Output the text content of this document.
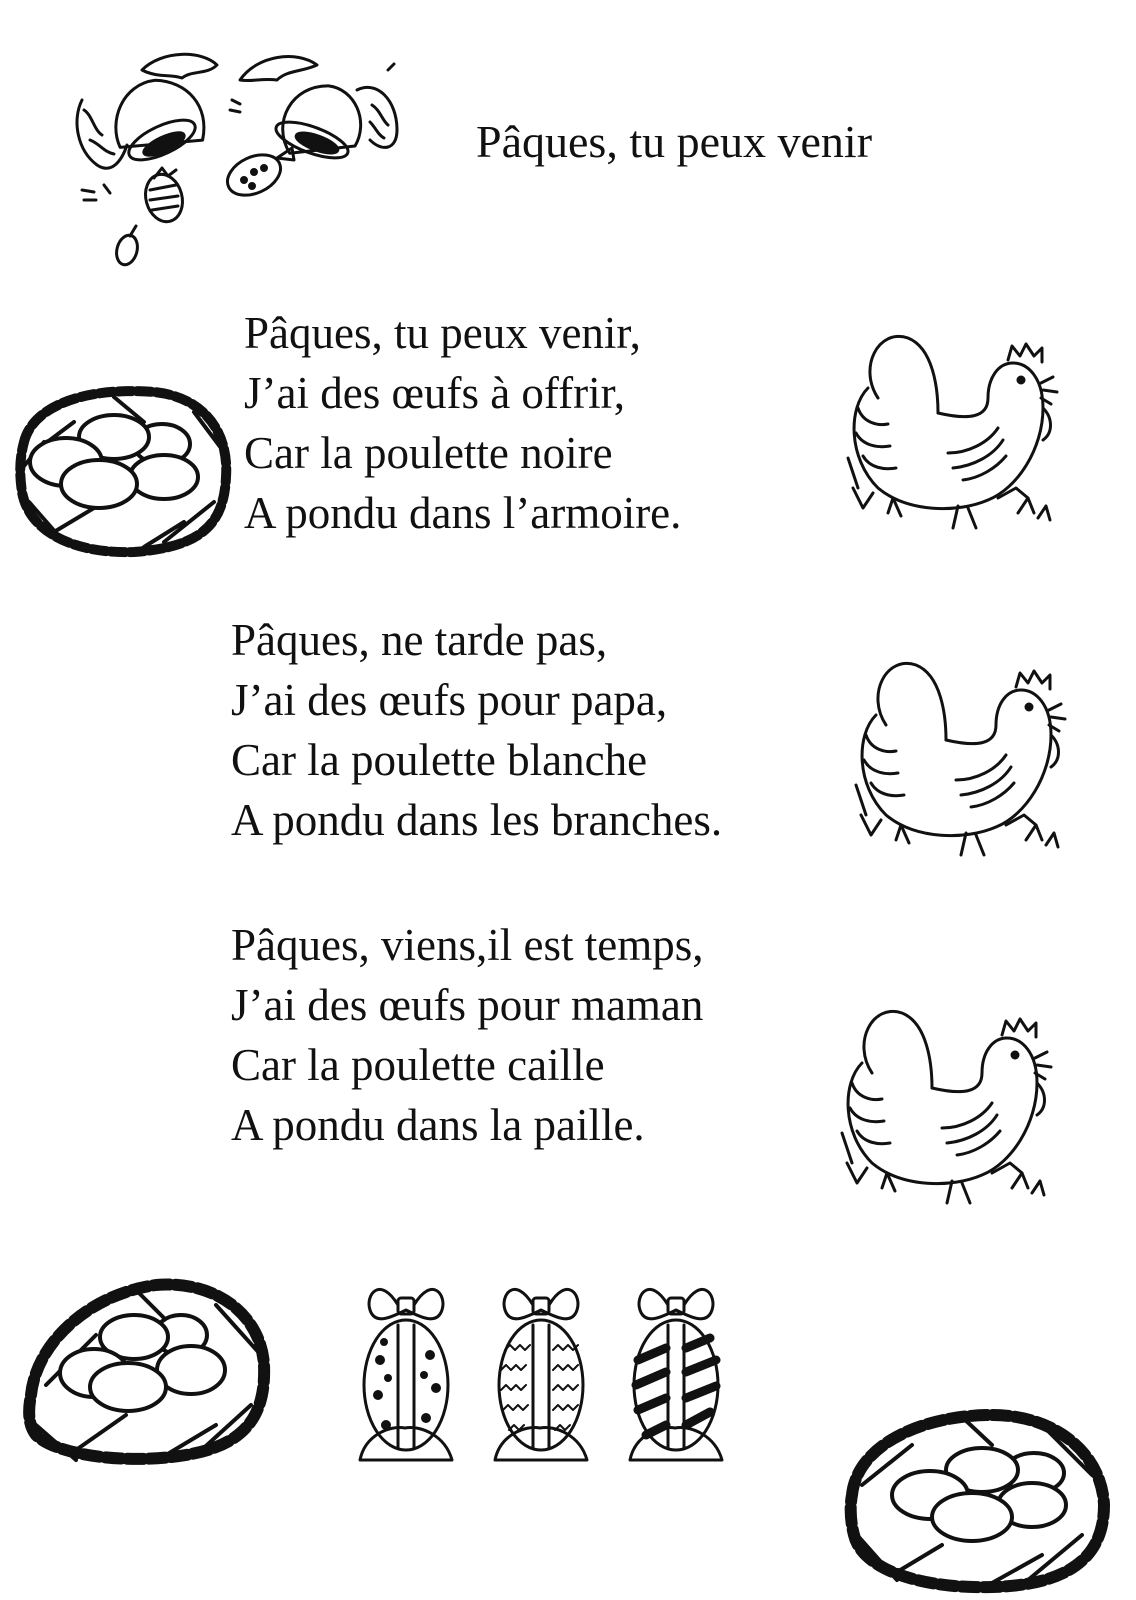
Pâques, tu peux venir
Pâques, tu peux venir,
J’ai des œufs à offrir,
Car la poulette noire
A pondu dans l’armoire.
Pâques, ne tarde pas,
J’ai des œufs pour papa,
Car la poulette blanche
A pondu dans les branches.
Pâques, viens,il est temps,
J’ai des œufs pour maman
Car la poulette caille
A pondu dans la paille.
